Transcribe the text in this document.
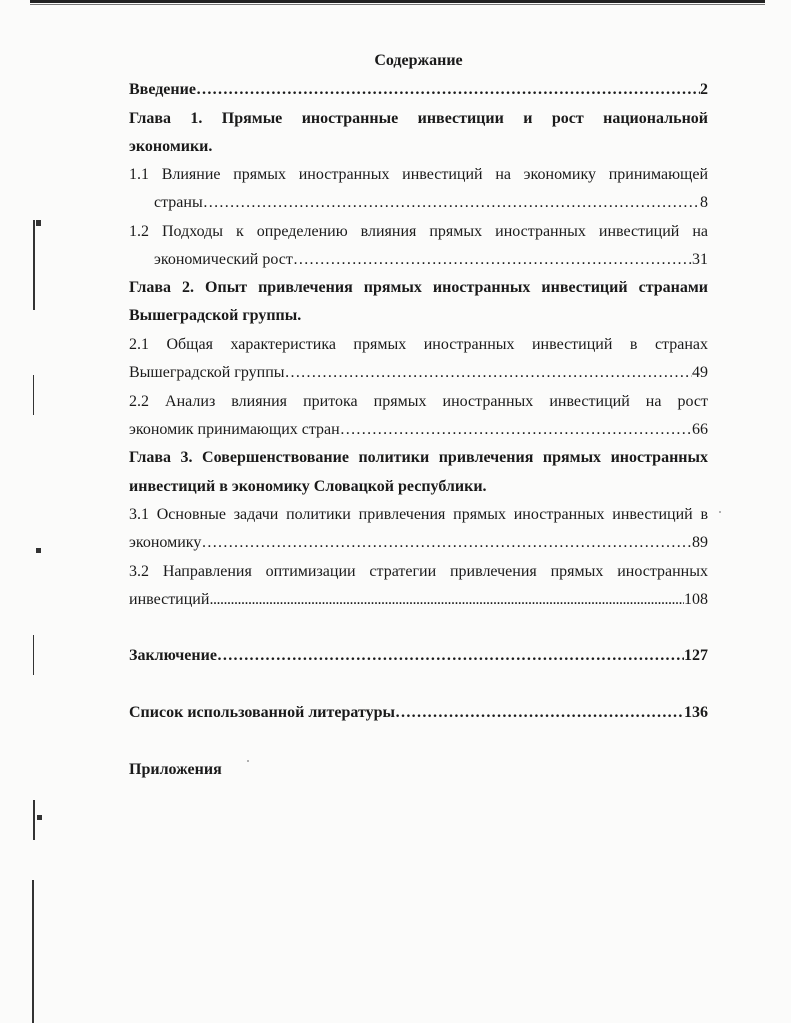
Содержание
Введение ……………………………………………………………………………………………………………………………………………………	2
Глава 1. Прямые иностранные инвестиции и рост национальной
экономики.
1.1 Влияние прямых иностранных инвестиций на экономику принимающей
страны ……………………………………………………………………………………………………………………………………………………	8
1.2 Подходы к определению влияния прямых иностранных инвестиций на
экономический рост ……………………………………………………………………………………………………………………………………………………	31
Глава 2. Опыт привлечения прямых иностранных инвестиций странами
Вышеградской группы.
2.1 Общая характеристика прямых иностранных инвестиций в странах
Вышеградской группы ……………………………………………………………………………………………………………………………………………………	49
2.2 Анализ влияния притока прямых иностранных инвестиций на рост
экономик принимающих стран ……………………………………………………………………………………………………………………………………………………	66
Глава 3. Совершенствование политики привлечения прямых иностранных
инвестиций в экономику Словацкой республики.
3.1 Основные задачи политики привлечения прямых иностранных инвестиций в
экономику ……………………………………………………………………………………………………………………………………………………	89
3.2 Направления оптимизации стратегии привлечения прямых иностранных
инвестиций .....	108
Заключение ……………………………………………………………………………………………………………………………………………………	127
Список использованной литературы ……………………………………………………………………………………………………………………………………………………	136
Приложения
